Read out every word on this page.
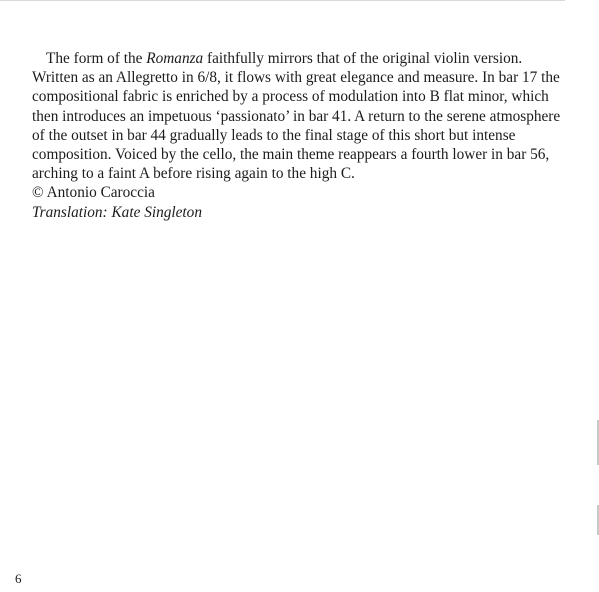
The form of the Romanza faithfully mirrors that of the original violin version.
Written as an Allegretto in 6/8, it flows with great elegance and measure. In bar 17 the
compositional fabric is enriched by a process of modulation into B flat minor, which
then introduces an impetuous ‘passionato’ in bar 41. A return to the serene atmosphere
of the outset in bar 44 gradually leads to the final stage of this short but intense
composition. Voiced by the cello, the main theme reappears a fourth lower in bar 56,
arching to a faint A before rising again to the high C.

© Antonio Caroccia
Translation: Kate Singleton
6
